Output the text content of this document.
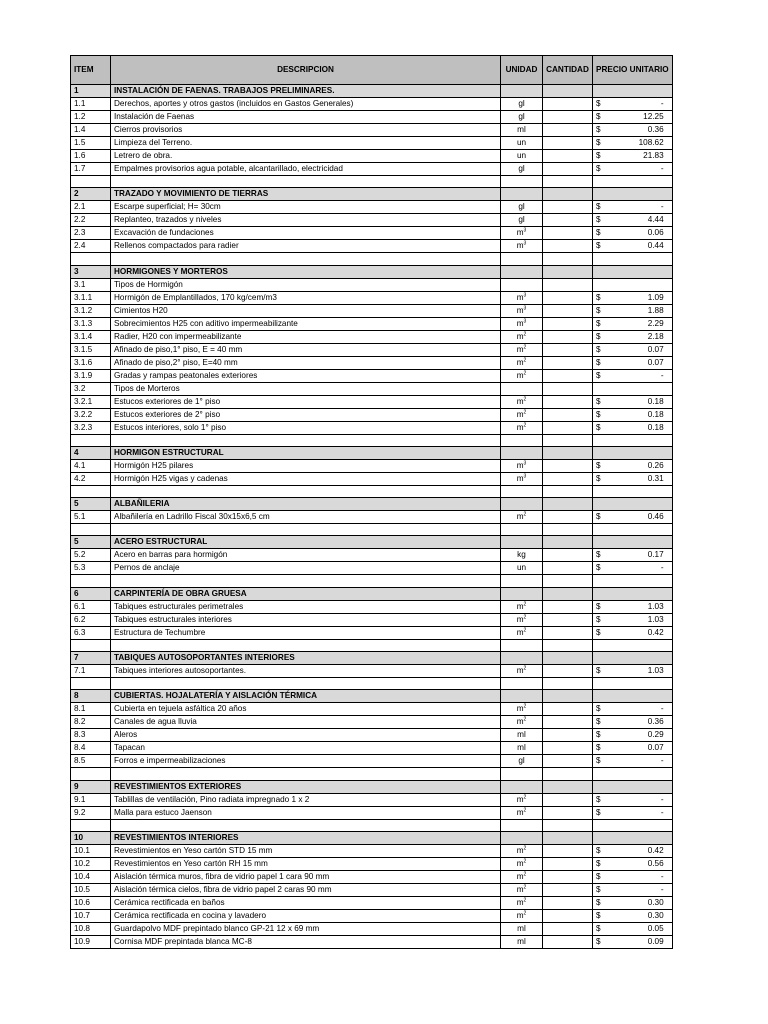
ITEM	DESCRIPCION	UNIDAD	CANTIDAD	PRECIO UNITARIO
1	INSTALACIÓN DE FAENAS. TRABAJOS PRELIMINARES.			
1.1	Derechos, aportes y otros gastos (incluidos en Gastos Generales)	gl		$ -

1.2	Instalación de Faenas	gl		$ 12.25

1.4	Cierros provisorios	ml		$ 0.36

1.5	Limpieza del Terreno.	un		$ 108.62

1.6	Letrero de obra.	un		$ 21.83

1.7	Empalmes provisorios agua potable, alcantarillado, electricidad	gl		$ -

2	TRAZADO Y MOVIMIENTO DE TIERRAS			
2.1	Escarpe superficial; H= 30cm	gl		$ -

2.2	Replanteo, trazados y niveles	gl		$ 4.44

2.3	Excavación de fundaciones	$m^3$		$ 0.06

2.4	Rellenos compactados para radier	$m^3$		$ 0.44

3	HORMIGONES Y MORTEROS			
3.1	Tipos de Hormigón			
3.1.1	Hormigón de Emplantillados, 170 kg/cem/m3	$m^3$		$ 1.09

3.1.2	Cimientos H20	$m^3$		$ 1.88

3.1.3	Sobrecimientos H25 con aditivo impermeabilizante	$m^3$		$ 2.29

3.1.4	Radier, H20 con impermeabilizante	$m^2$		$ 2.18

3.1.5	Afinado de piso,1° piso, E = 40 mm	$m^2$		$ 0.07

3.1.6	Afinado de piso,2° piso, E=40 mm	$m^2$		$ 0.07

3.1.9	Gradas y rampas peatonales exteriores	$m^2$		$ -

3.2	Tipos de Morteros			
3.2.1	Estucos exteriores de 1° piso	$m^2$		$ 0.18

3.2.2	Estucos exteriores de 2° piso	$m^2$		$ 0.18

3.2.3	Estucos interiores, solo 1° piso	$m^2$		$ 0.18

4	HORMIGON ESTRUCTURAL			
4.1	Hormigón H25 pilares	$m^3$		$ 0.26

4.2	Hormigón H25 vigas y cadenas	$m^3$		$ 0.31

5	ALBAÑILERIA			
5.1	Albañilería en Ladrillo Fiscal 30x15x6,5 cm	$m^2$		$ 0.46

5	ACERO ESTRUCTURAL			
5.2	Acero en barras para hormigón	kg		$ 0.17

5.3	Pernos de anclaje	un		$ -

6	CARPINTERÍA DE OBRA GRUESA			
6.1	Tabiques estructurales perimetrales	$m^2$		$ 1.03

6.2	Tabiques estructurales interiores	$m^2$		$ 1.03

6.3	Estructura de Techumbre	$m^2$		$ 0.42

7	TABIQUES AUTOSOPORTANTES INTERIORES			
7.1	Tabiques interiores autosoportantes.	$m^2$		$ 1.03

8	CUBIERTAS. HOJALATERÍA Y AISLACIÓN TÉRMICA			
8.1	Cubierta en tejuela asfáltica 20 años	$m^2$		$ -

8.2	Canales de agua lluvia	$m^2$		$ 0.36

8.3	Aleros	ml		$ 0.29

8.4	Tapacan	ml		$ 0.07

8.5	Forros e impermeabilizaciones	gl		$ -

9	REVESTIMIENTOS EXTERIORES			
9.1	Tablillas de ventilación, Pino radiata impregnado 1 x 2	$m^2$		$ -

9.2	Malla para estuco Jaenson	$m^2$		$ -

10	REVESTIMIENTOS INTERIORES			
10.1	Revestimientos en Yeso cartón STD 15 mm	$m^2$		$ 0.42

10.2	Revestimientos en Yeso cartón RH 15 mm	$m^2$		$ 0.56

10.4	Aislación térmica muros, fibra de vidrio papel 1 cara 90 mm	$m^2$		$ -

10.5	Aislación térmica cielos, fibra de vidrio papel 2 caras 90 mm	$m^2$		$ -

10.6	Cerámica rectificada en baños	$m^2$		$ 0.30

10.7	Cerámica rectificada en cocina y lavadero	$m^2$		$ 0.30

10.8	Guardapolvo MDF prepintado blanco GP-21 12 x 69 mm	ml		$ 0.05

10.9	Cornisa MDF prepintada blanca MC-8	ml		$ 0.09
